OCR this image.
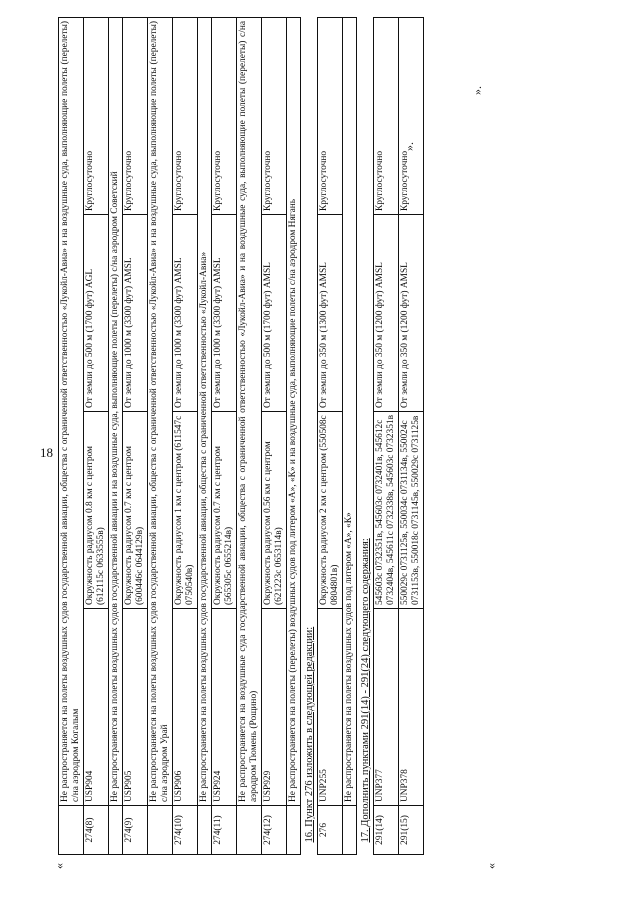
18
	Не распространяется на полеты воздушных судов государственной авиации, общества с ограниченной ответственностью «Лукойл-Авиа» и на воздушные суда, выполняющие полеты (перелеты) с/на аэродром Когалым			
274(8)	USP904	Окружность радиусом 0.8 км с центром (612115с 0633555в)	От земли до 500 м (1700 фут) AGL	Круглосуточно
	Не распространяется на полеты воздушных судов государственной авиации и на воздушные суда, выполняющие полеты (перелеты) с/на аэродром Советский			
274(9)	USP905	Окружность радиусом 0.7 км с центром (600446с 0644129в)	От земли до 1000 м (3300 фут) AMSL	Круглосуточно
	Не распространяется на полеты воздушных судов государственной авиации, общества с ограниченной ответственностью «Лукойл-Авиа» и на воздушные суда, выполняющие полеты (перелеты) с/на аэродром Урай			
274(10)	USP906	Окружность радиусом 1 км с центром (611547с 0750540в)	От земли до 1000 м (3300 фут) AMSL	Круглосуточно
	Не распространяется на полеты воздушных судов государственной авиации, общества с ограниченной ответственностью «Лукойл-Авиа»			
274(11)	USP924	Окружность радиусом 0.7 км с центром (565305с 0655214в)	От земли до 1000 м (3300 фут) AMSL	Круглосуточно
	Не распространяется на воздушные суда государственной авиации, общества с ограниченной ответственностью «Лукойл-Авиа» и на воздушные суда, выполняющие полеты (перелеты) с/на аэродром Тюмень (Рощино)			
274(12)	USP929	Окружность радиусом 0.56 км с центром (621223с 0653114в)	От земли до 500 м (1700 фут) AMSL	Круглосуточно
	Не распространяется на полеты (перелеты) воздушных судов под литером «А», «К» и на воздушные суда, выполняющие полеты с/на аэродром Нягань			
16. Пункт 276 изложить в следующей редакции:				
276	UNP255	Окружность радиусом 2 км с центром (550508с 0804801в)	От земли до 350 м (1300 фут) AMSL	Круглосуточно
	Не распространяется на полеты воздушных судов под литером «А», «К»			
17. Дополнить пунктами 291(14) - 291(24) следующего содержания:				
291(14)	UNP377	545603с 0732351в, 545603с 0732401в, 545612с 0732404в, 545611с 0732338в, 545603с 0732351в	От земли до 350 м (1200 фут) AMSL	Круглосуточно
291(15)	UNP378	550029с 0731125в, 550034с 0731134в, 550024с 0731153в, 550018с 0731145в, 550029с 0731125в	От земли до 350 м (1200 фут) AMSL	Круглосуточно
«	«
».
».
